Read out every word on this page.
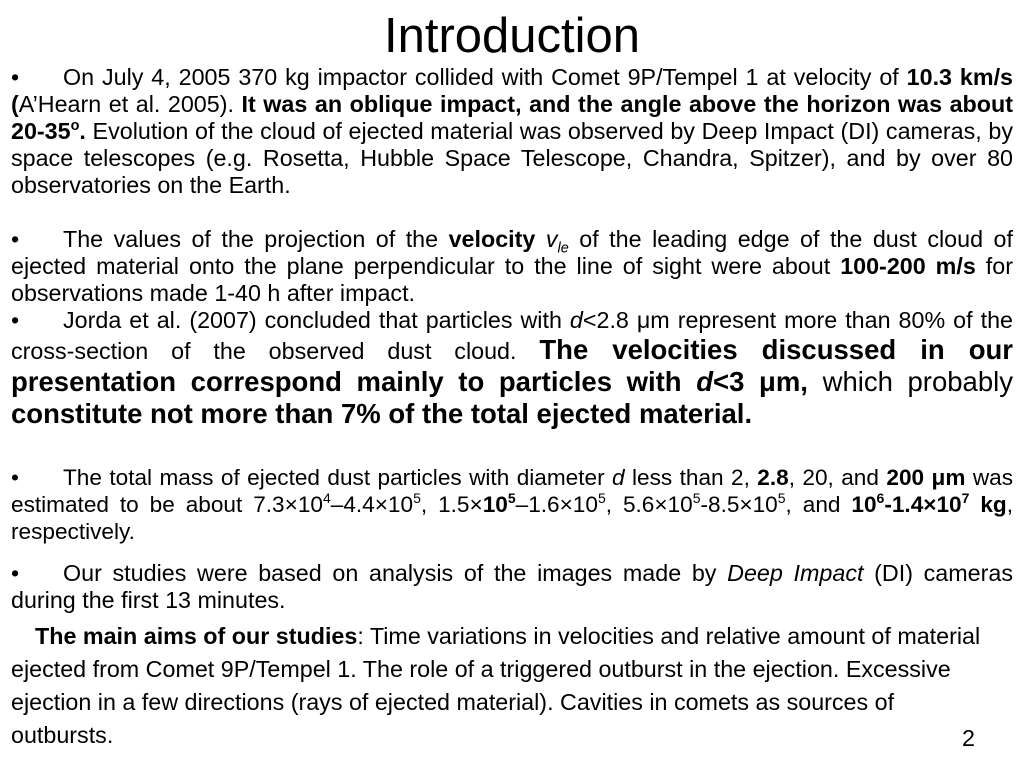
Introduction

• On July 4, 2005 370 kg impactor collided with Comet 9P/Tempel 1 at velocity of 10.3 km/s (A’Hearn et al. 2005). It was an oblique impact, and the angle above the horizon was about 20-35$^o$. Evolution of the cloud of ejected material was observed by Deep Impact (DI) cameras, by space telescopes (e.g. Rosetta, Hubble Space Telescope, Chandra, Spitzer), and by over 80 observatories on the Earth.

• The values of the projection of the velocity $v_{le}$ of the leading edge of the dust cloud of ejected material onto the plane perpendicular to the line of sight were about 100-200 m/s for observations made 1-40 h after impact.

• Jorda et al. (2007) concluded that particles with d<2.8 μm represent more than 80% of the cross-section of the observed dust cloud. The velocities discussed in our presentation correspond mainly to particles with d<3 μm, which probably constitute not more than 7% of the total ejected material.

• The total mass of ejected dust particles with diameter d less than 2, 2.8, 20, and 200 μm was estimated to be about $7.3\times 10^4-4.4\times 10^5$, $1.5\times 10^5-1.6\times 10^5$, $5.6\times 10^5-8.5\times 10^5$, and $10^6-1.4\times 10^7$ kg, respectively.

• Our studies were based on analysis of the images made by Deep Impact (DI) cameras during the first 13 minutes.

The main aims of our studies: Time variations in velocities and relative amount of material ejected from Comet 9P/Tempel 1. The role of a triggered outburst in the ejection. Excessive ejection in a few directions (rays of ejected material). Cavities in comets as sources of outbursts.	2
